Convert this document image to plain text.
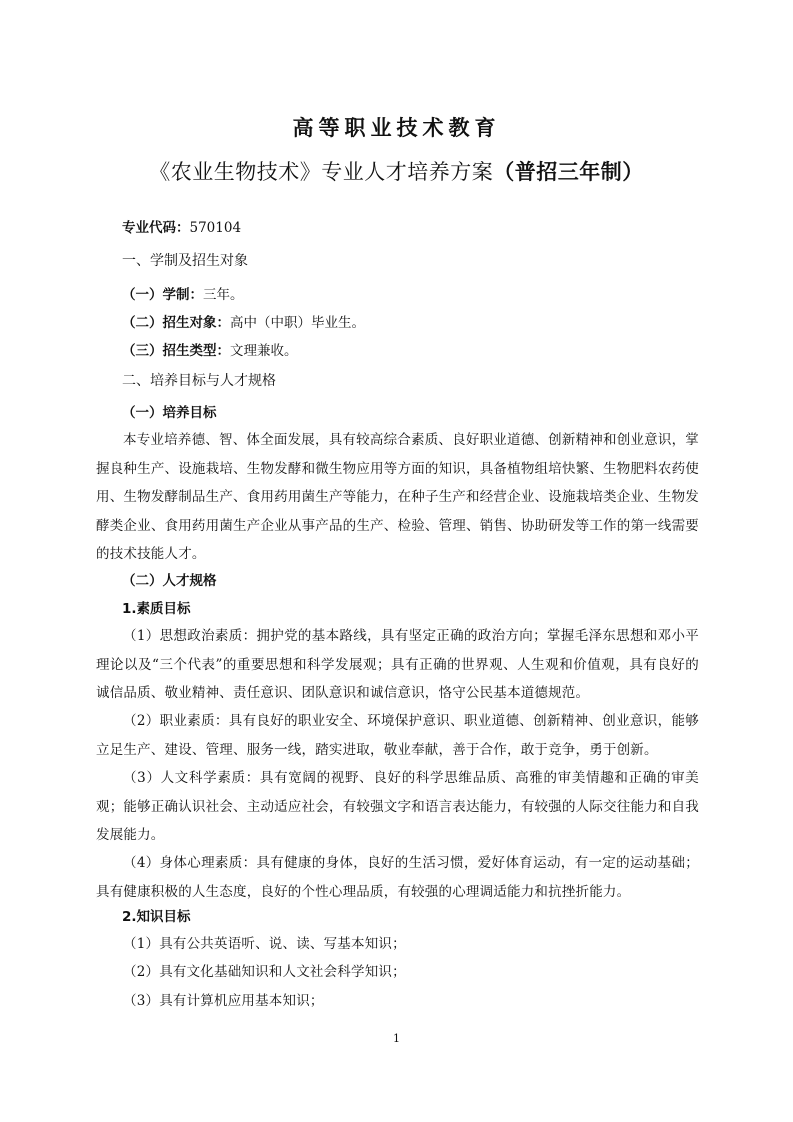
高等职业技术教育
《农业生物技术》专业人才培养方案（普招三年制）
专业代码：570104
一、学制及招生对象
（一）学制：三年。
（二）招生对象：高中（中职）毕业生。
（三）招生类型：文理兼收。
二、培养目标与人才规格
（一）培养目标
本专业培养德、智、体全面发展，具有较高综合素质、良好职业道德、创新精神和创业意识，掌握良种生产、设施栽培、生物发酵和微生物应用等方面的知识，具备植物组培快繁、生物肥料农药使用、生物发酵制品生产、食用药用菌生产等能力，在种子生产和经营企业、设施栽培类企业、生物发酵类企业、食用药用菌生产企业从事产品的生产、检验、管理、销售、协助研发等工作的第一线需要的技术技能人才。
（二）人才规格
1.素质目标
（1）思想政治素质：拥护党的基本路线，具有坚定正确的政治方向；掌握毛泽东思想和邓小平理论以及“三个代表”的重要思想和科学发展观；具有正确的世界观、人生观和价值观，具有良好的诚信品质、敬业精神、责任意识、团队意识和诚信意识，恪守公民基本道德规范。
（2）职业素质：具有良好的职业安全、环境保护意识、职业道德、创新精神、创业意识，能够立足生产、建设、管理、服务一线，踏实进取，敬业奉献，善于合作，敢于竞争，勇于创新。
（3）人文科学素质：具有宽阔的视野、良好的科学思维品质、高雅的审美情趣和正确的审美观；能够正确认识社会、主动适应社会，有较强文字和语言表达能力，有较强的人际交往能力和自我发展能力。
（4）身体心理素质：具有健康的身体，良好的生活习惯，爱好体育运动，有一定的运动基础；具有健康积极的人生态度，良好的个性心理品质，有较强的心理调适能力和抗挫折能力。
2.知识目标
（1）具有公共英语听、说、读、写基本知识；
（2）具有文化基础知识和人文社会科学知识；
（3）具有计算机应用基本知识；
1
